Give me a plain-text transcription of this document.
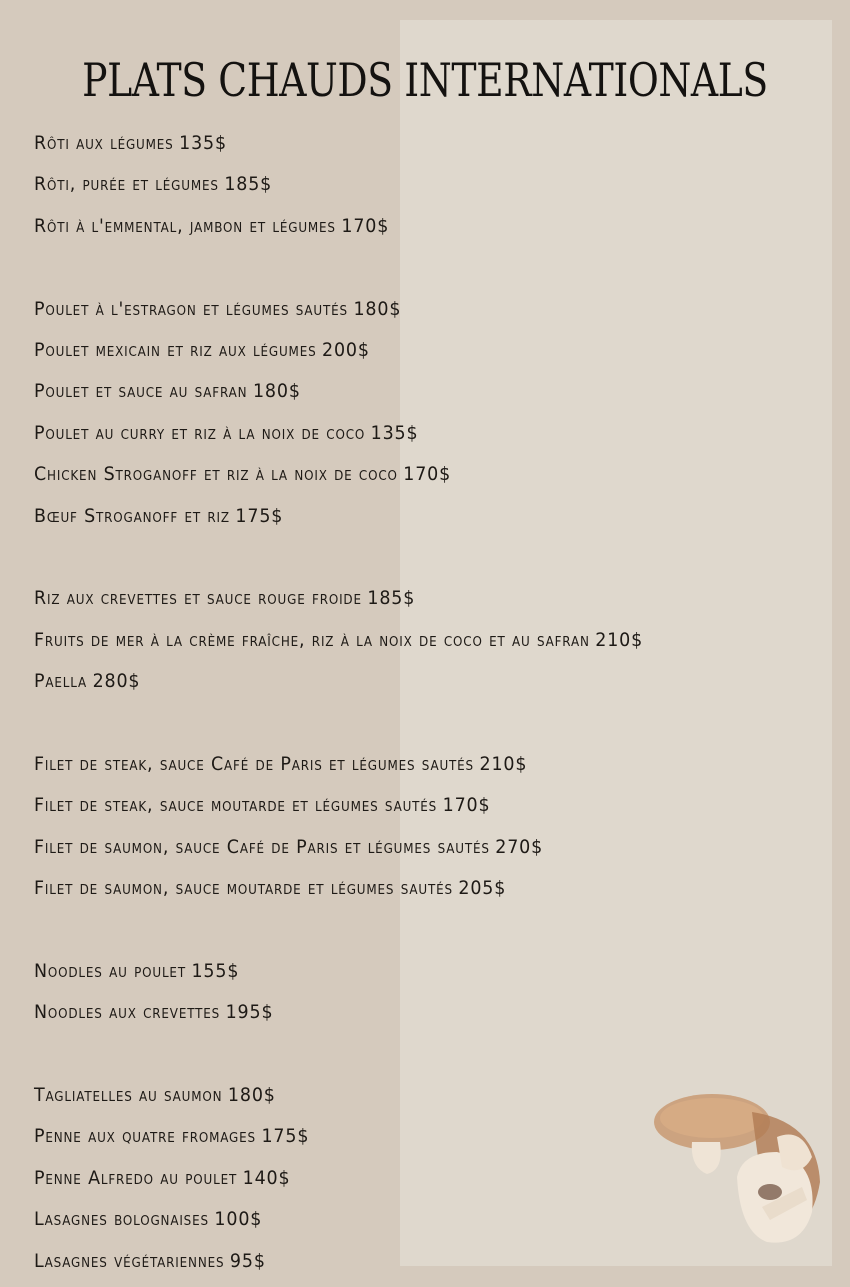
PLATS CHAUDS INTERNATIONALS
Rôti aux légumes 135$
Rôti, purée et légumes 185$
Rôti à l'emmental, jambon et légumes 170$
Poulet à l'estragon et légumes sautés 180$
Poulet mexicain et riz aux légumes 200$
Poulet et sauce au safran 180$
Poulet au curry et riz à la noix de coco 135$
Chicken Stroganoff et riz à la noix de coco 170$
Bœuf Stroganoff et riz 175$
Riz aux crevettes et sauce rouge froide 185$
Fruits de mer à la crème fraîche, riz à la noix de coco et au safran 210$
Paella 280$
Filet de steak, sauce Café de Paris et légumes sautés 210$
Filet de steak, sauce moutarde et légumes sautés 170$
Filet de saumon, sauce Café de Paris et légumes sautés 270$
Filet de saumon, sauce moutarde et légumes sautés 205$
Noodles au poulet 155$
Noodles aux crevettes 195$
Tagliatelles au saumon 180$
Penne aux quatre fromages 175$
Penne Alfredo au poulet 140$
Lasagnes bolognaises 100$
Lasagnes végétariennes 95$
